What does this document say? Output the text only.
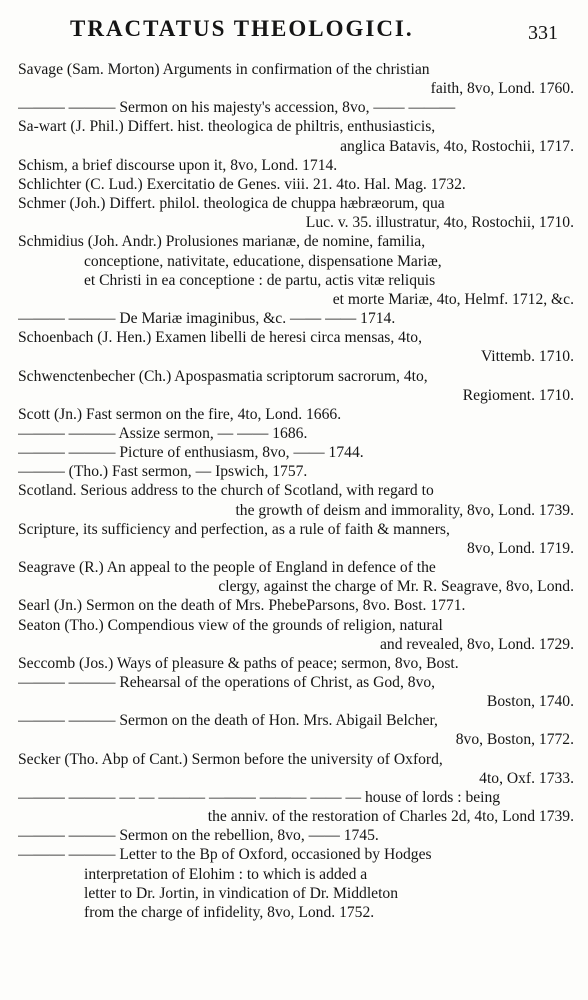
TRACTATUS THEOLOGICI.	331
Savage (Sam. Morton) Arguments in confirmation of the christian
faith, 8vo, Lond. 1760.
——— ——— Sermon on his majesty's accession, 8vo, —— ———
Sa-wart (J. Phil.) Differt. hist. theologica de philtris, enthusiasticis,
anglica Batavis, 4to, Rostochii, 1717.
Schism, a brief discourse upon it, 8vo, Lond. 1714.
Schlichter (C. Lud.) Exercitatio de Genes. viii. 21. 4to. Hal. Mag. 1732.
Schmer (Joh.) Differt. philol. theologica de chuppa hæbræorum, qua
Luc. v. 35. illustratur, 4to, Rostochii, 1710.
Schmidius (Joh. Andr.) Prolusiones marianæ, de nomine, familia,
conceptione, nativitate, educatione, dispensatione Mariæ,
et Christi in ea conceptione : de partu, actis vitæ reliquis
et morte Mariæ, 4to, Helmf. 1712, &c.
——— ——— De Mariæ imaginibus, &c. —— —— 1714.
Schoenbach (J. Hen.) Examen libelli de heresi circa mensas, 4to,
Vittemb. 1710.
Schwenctenbecher (Ch.) Apospasmatia scriptorum sacrorum, 4to,
Regioment. 1710.
Scott (Jn.) Fast sermon on the fire, 4to, Lond. 1666.
——— ——— Assize sermon, — —— 1686.
——— ——— Picture of enthusiasm, 8vo, —— 1744.
——— (Tho.) Fast sermon, — Ipswich, 1757.
Scotland. Serious address to the church of Scotland, with regard to
the growth of deism and immorality, 8vo, Lond. 1739.
Scripture, its sufficiency and perfection, as a rule of faith & manners,
8vo, Lond. 1719.
Seagrave (R.) An appeal to the people of England in defence of the
clergy, against the charge of Mr. R. Seagrave, 8vo, Lond.
Searl (Jn.) Sermon on the death of Mrs. PhebeParsons, 8vo. Bost. 1771.
Seaton (Tho.) Compendious view of the grounds of religion, natural
and revealed, 8vo, Lond. 1729.
Seccomb (Jos.) Ways of pleasure & paths of peace; sermon, 8vo, Bost.
——— ——— Rehearsal of the operations of Christ, as God, 8vo,
Boston, 1740.
——— ——— Sermon on the death of Hon. Mrs. Abigail Belcher,
8vo, Boston, 1772.
Secker (Tho. Abp of Cant.) Sermon before the university of Oxford,
4to, Oxf. 1733.
——— ——— — — ——— ——— ——— —— — house of lords : being
the anniv. of the restoration of Charles 2d, 4to, Lond 1739.
——— ——— Sermon on the rebellion, 8vo, —— 1745.
——— ——— Letter to the Bp of Oxford, occasioned by Hodges
interpretation of Elohim : to which is added a
letter to Dr. Jortin, in vindication of Dr. Middleton
from the charge of infidelity, 8vo, Lond. 1752.
